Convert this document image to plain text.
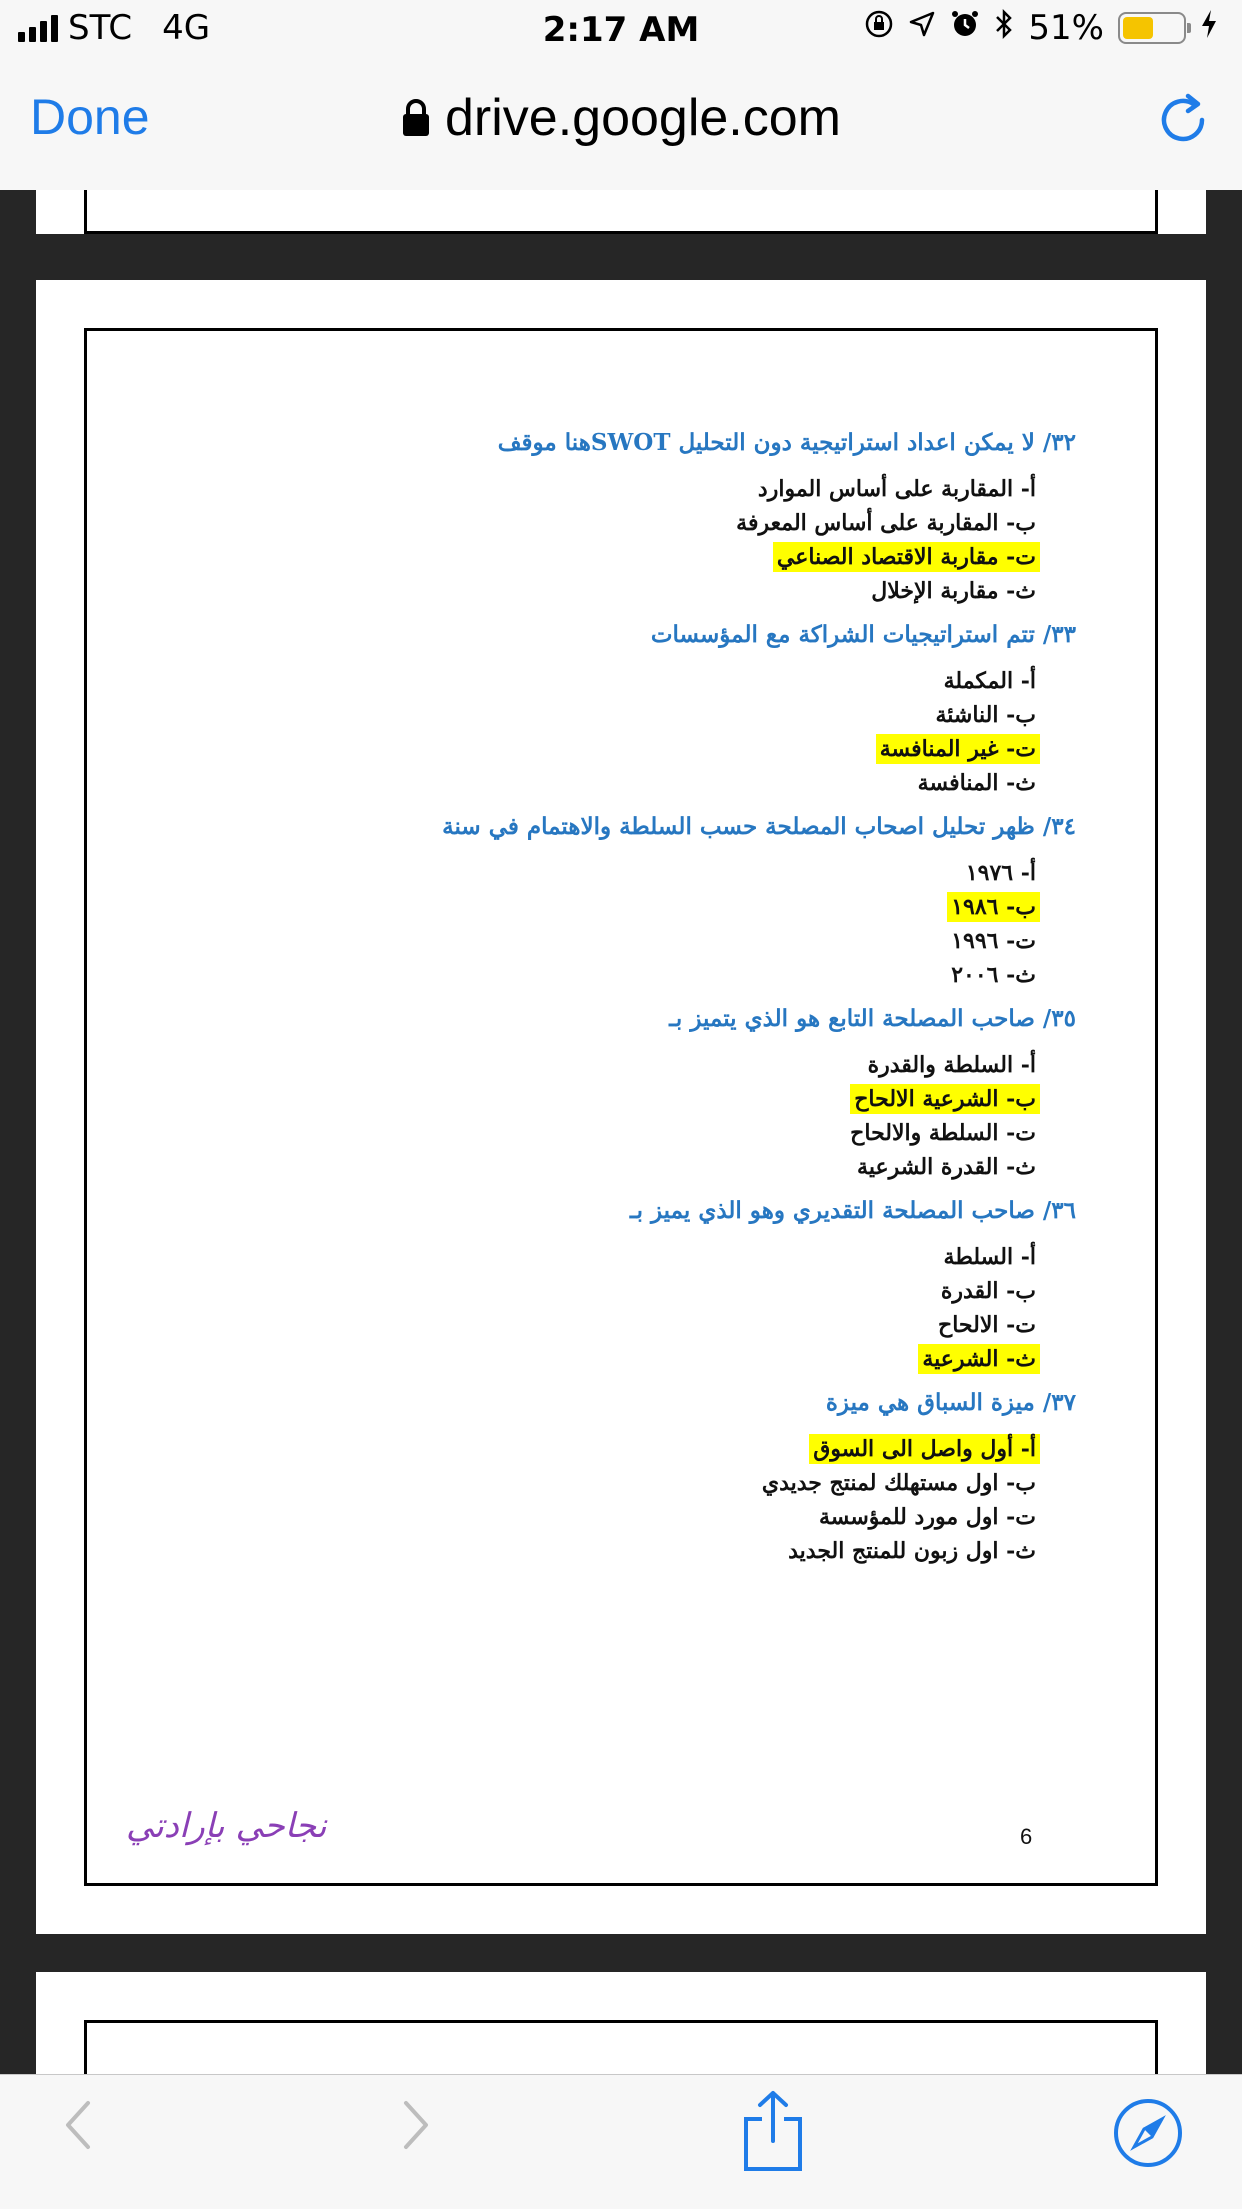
STC 4G	2:17 AM	51%
Done	drive.google.com
٣٢/ لا يمكن اعداد استراتيجية دون التحليل SWOTهنا موقف
أ- المقاربة على أساس الموارد
ب- المقاربة على أساس المعرفة
ت- مقاربة الاقتصاد الصناعي
ث- مقاربة الإخلال
٣٣/ تتم استراتيجيات الشراكة مع المؤسسات
أ- المكملة
ب- الناشئة
ت- غير المنافسة
ث- المنافسة
٣٤/ ظهر تحليل اصحاب المصلحة حسب السلطة والاهتمام في سنة
أ- ١٩٧٦
ب- ١٩٨٦
ت- ١٩٩٦
ث- ٢٠٠٦
٣٥/ صاحب المصلحة التابع هو الذي يتميز بـ
أ- السلطة والقدرة
ب- الشرعية الالحاح
ت- السلطة والالحاح
ث- القدرة الشرعية
٣٦/ صاحب المصلحة التقديري وهو الذي يميز بـ
أ- السلطة
ب- القدرة
ت- الالحاح
ث- الشرعية
٣٧/ ميزة السباق هي ميزة
أ- أول واصل الى السوق
ب- اول مستهلك لمنتج جديدي
ت- اول مورد للمؤسسة
ث- اول زبون للمنتج الجديد
نجاحي بإرادتي	6
